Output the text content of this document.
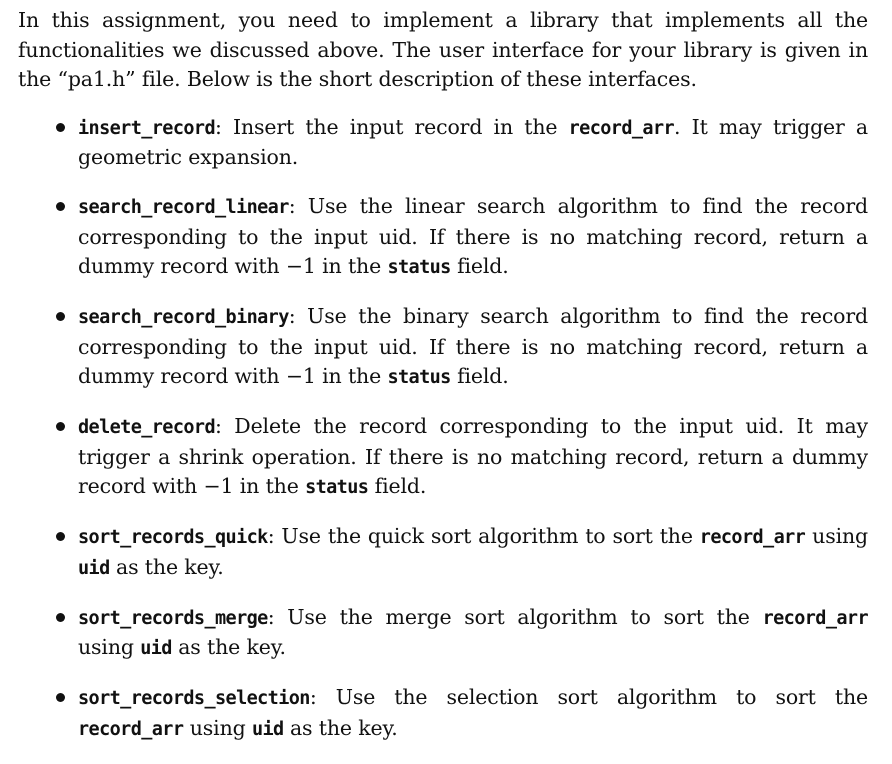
In this assignment, you need to implement a library that implements all the functionalities we discussed above. The user interface for your library is given in the “pa1.h” file. Below is the short description of these interfaces.

insert_record: Insert the input record in the record_arr. It may trigger a geometric expansion.
search_record_linear: Use the linear search algorithm to find the record corresponding to the input uid. If there is no matching record, return a dummy record with −1 in the status field.
search_record_binary: Use the binary search algorithm to find the record corresponding to the input uid. If there is no matching record, return a dummy record with −1 in the status field.
delete_record: Delete the record corresponding to the input uid. It may trigger a shrink operation. If there is no matching record, return a dummy record with −1 in the status field.
sort_records_quick: Use the quick sort algorithm to sort the record_arr using uid as the key.
sort_records_merge: Use the merge sort algorithm to sort the record_arr using uid as the key.
sort_records_selection: Use the selection sort algorithm to sort the record_arr using uid as the key.
